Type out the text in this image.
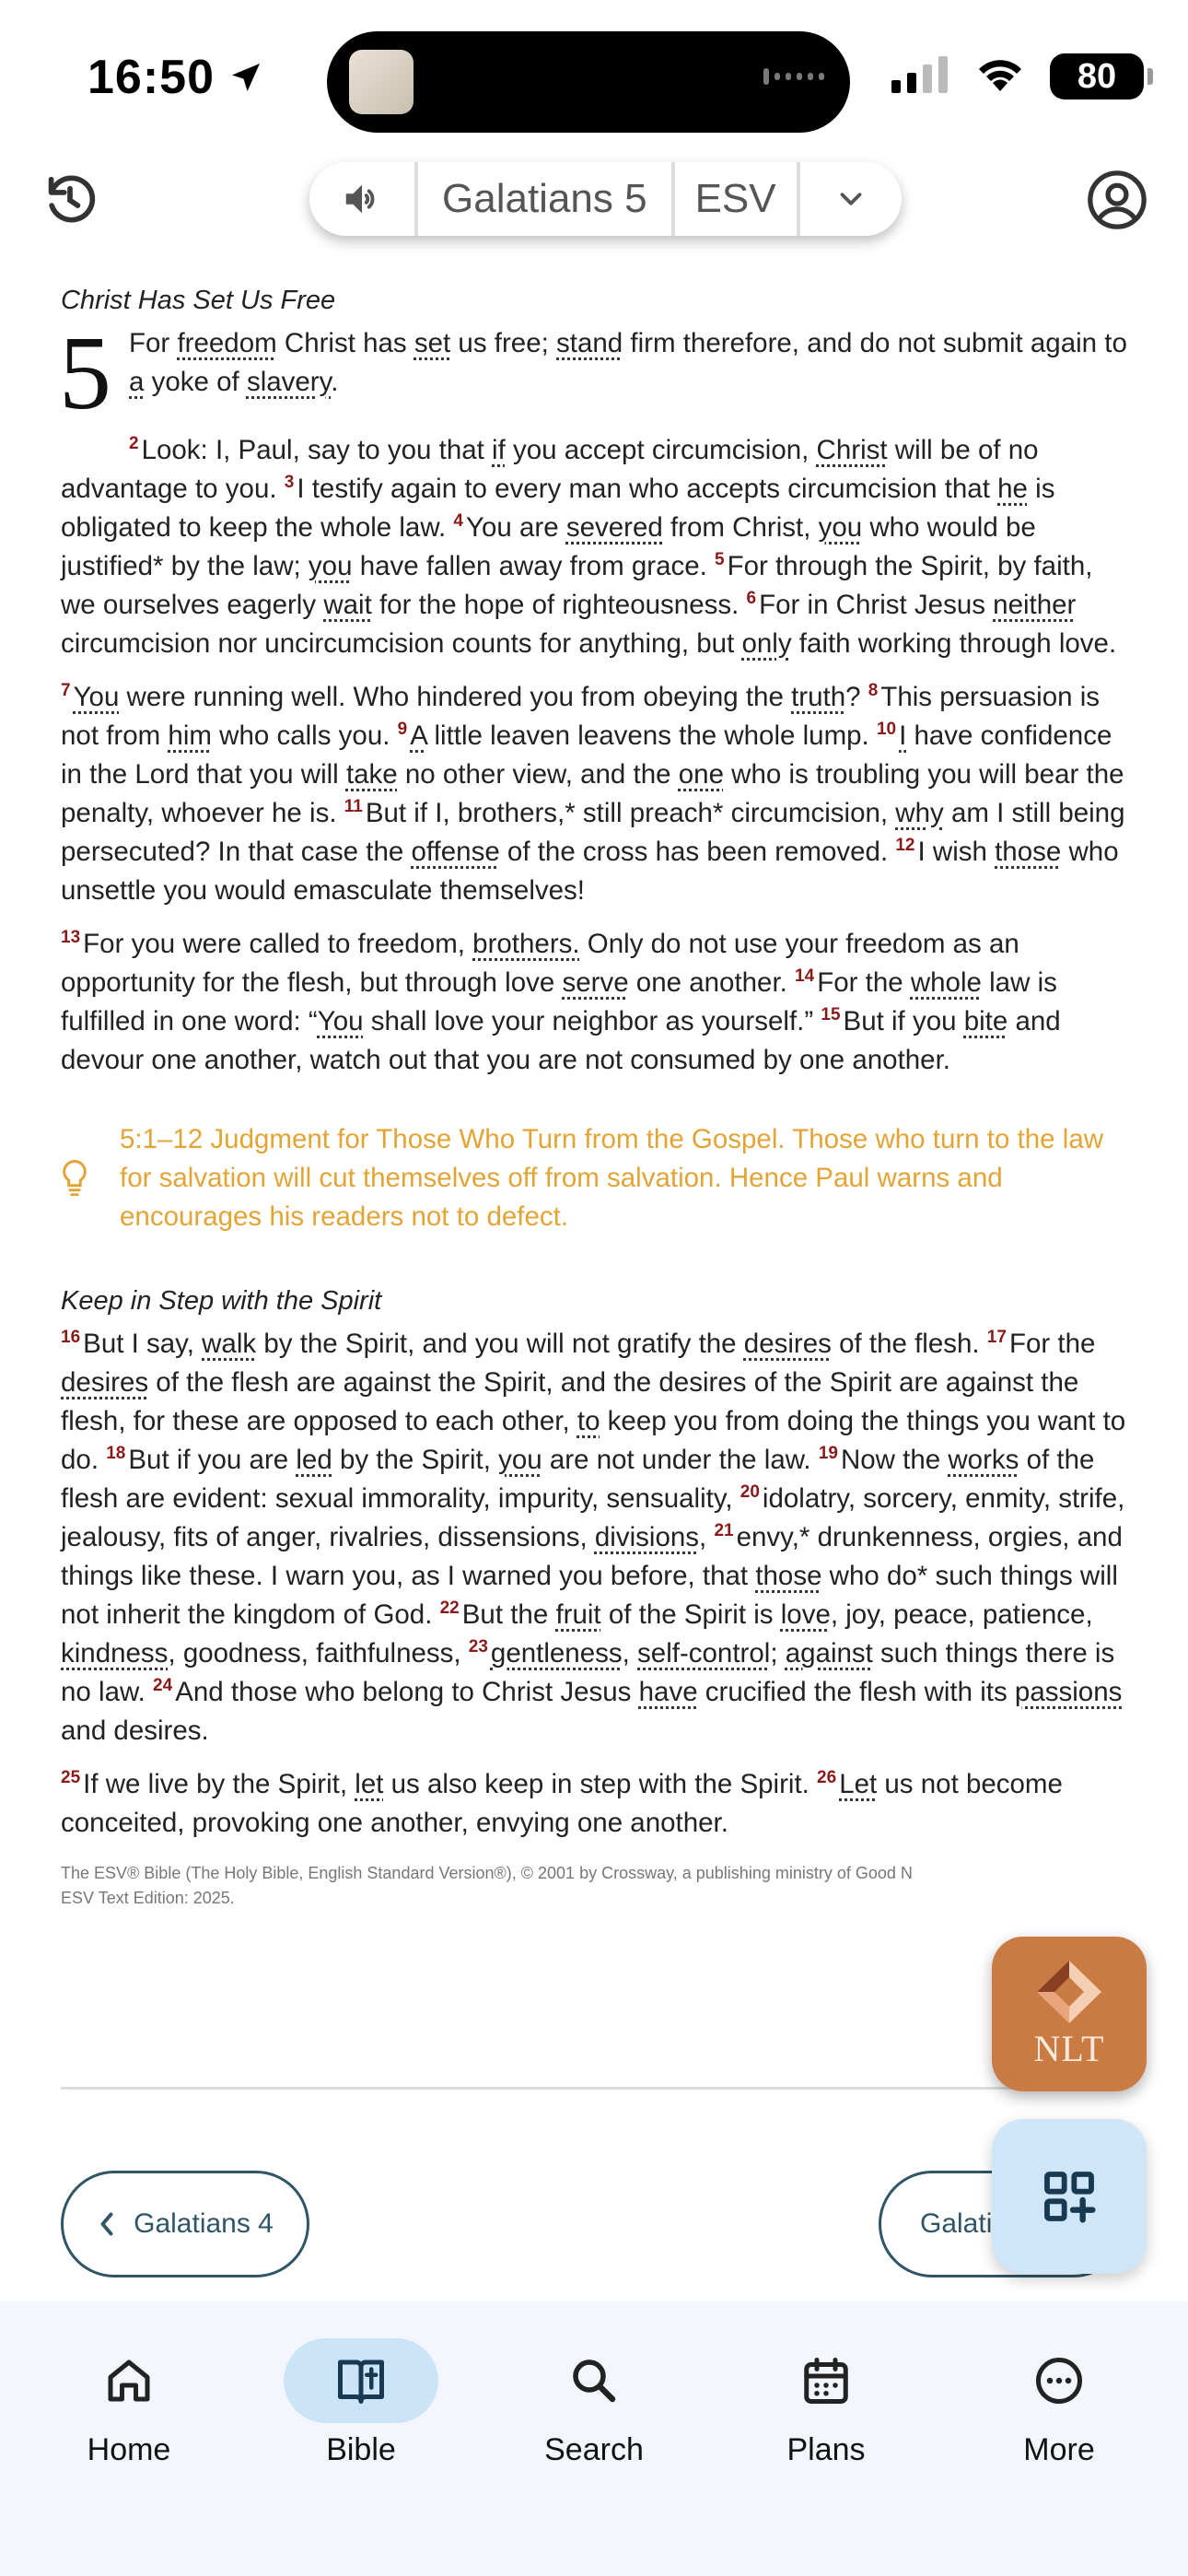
16:50	80
Galatians 5	ESV

Christ Has Set Us Free

5 For freedom Christ has set us free; stand firm therefore, and do not submit again to a yoke of slavery.

$^2$ Look: I, Paul, say to you that if you accept circumcision, Christ will be of no advantage to you. $^3$ I testify again to every man who accepts circumcision that he is obligated to keep the whole law. $^4$ You are severed from Christ, you who would be justified* by the law; you have fallen away from grace. $^5$ For through the Spirit, by faith, we ourselves eagerly wait for the hope of righteousness. $^6$ For in Christ Jesus neither circumcision nor uncircumcision counts for anything, but only faith working through love.

$^7$ You were running well. Who hindered you from obeying the truth? $^8$ This persuasion is not from him who calls you. $^9$ A little leaven leavens the whole lump. $^{10}$ I have confidence in the Lord that you will take no other view, and the one who is troubling you will bear the penalty, whoever he is. $^{11}$ But if I, brothers,* still preach* circumcision, why am I still being persecuted? In that case the offense of the cross has been removed. $^{12}$ I wish those who unsettle you would emasculate themselves!

$^{13}$ For you were called to freedom, brothers. Only do not use your freedom as an opportunity for the flesh, but through love serve one another. $^{14}$ For the whole law is fulfilled in one word: “You shall love your neighbor as yourself.” $^{15}$ But if you bite and devour one another, watch out that you are not consumed by one another.

5:1–12 Judgment for Those Who Turn from the Gospel. Those who turn to the law for salvation will cut themselves off from salvation. Hence Paul warns and encourages his readers not to defect.

Keep in Step with the Spirit

$^{16}$ But I say, walk by the Spirit, and you will not gratify the desires of the flesh. $^{17}$ For the desires of the flesh are against the Spirit, and the desires of the Spirit are against the flesh, for these are opposed to each other, to keep you from doing the things you want to do. $^{18}$ But if you are led by the Spirit, you are not under the law. $^{19}$ Now the works of the flesh are evident: sexual immorality, impurity, sensuality, $^{20}$ idolatry, sorcery, enmity, strife, jealousy, fits of anger, rivalries, dissensions, divisions, $^{21}$ envy,* drunkenness, orgies, and things like these. I warn you, as I warned you before, that those who do* such things will not inherit the kingdom of God. $^{22}$ But the fruit of the Spirit is love, joy, peace, patience, kindness, goodness, faithfulness, $^{23}$ gentleness, self-control; against such things there is no law. $^{24}$ And those who belong to Christ Jesus have crucified the flesh with its passions and desires.

$^{25}$ If we live by the Spirit, let us also keep in step with the Spirit. $^{26}$ Let us not become conceited, provoking one another, envying one another.

The ESV® Bible (The Holy Bible, English Standard Version®), © 2001 by Crossway, a publishing ministry of Good N
ESV Text Edition: 2025.
Galatians 4	Galati
NLT
Home	Bible	Search	Plans	More
